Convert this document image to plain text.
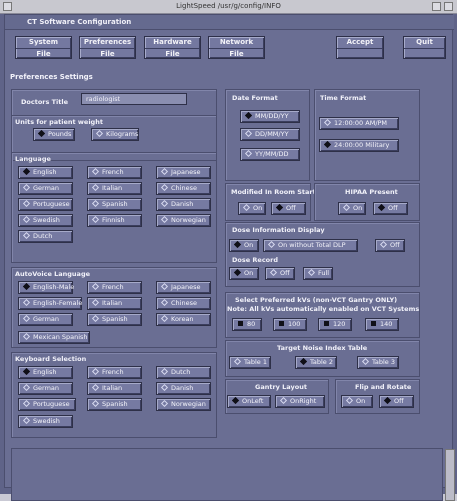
LightSpeed /usr/g/config/INFO
CT Software Configuration
System
File
Preferences
File
Hardware
File
Network
File
Accept	Quit
Preferences Settings
Doctors Title	radiologist
Units for patient weight
Pounds	Kilograms
Language
AutoVoice Language
Keyboard Selection
Date Format	Time Format
Modified In Room Start	HIPAA Present
Dose Information Display
Dose Record
Select Preferred kVs (non-VCT Gantry ONLY)
Note: All kVs automatically enabled on VCT Systems
Target Noise Index Table
Gantry Layout	Flip and Rotate
English	French	Japanese
German	Italian	Chinese
Portuguese	Spanish	Danish
Swedish	Finnish	Norwegian
Dutch
English-Male	French	Japanese
English-Female	Italian	Chinese
German	Spanish	Korean
Mexican Spanish
English	French	Dutch
German	Italian	Danish
Portuguese	Spanish	Norwegian
Swedish
MM/DD/YY
DD/MM/YY
YY/MM/DD
12:00:00 AM/PM
24:00:00 Military
On	Off	On	Off
On	On without Total DLP	Off
On	Off	Full
80	100	120	140
Table 1	Table 2	Table 3
OnLeft	OnRight	On	Off
